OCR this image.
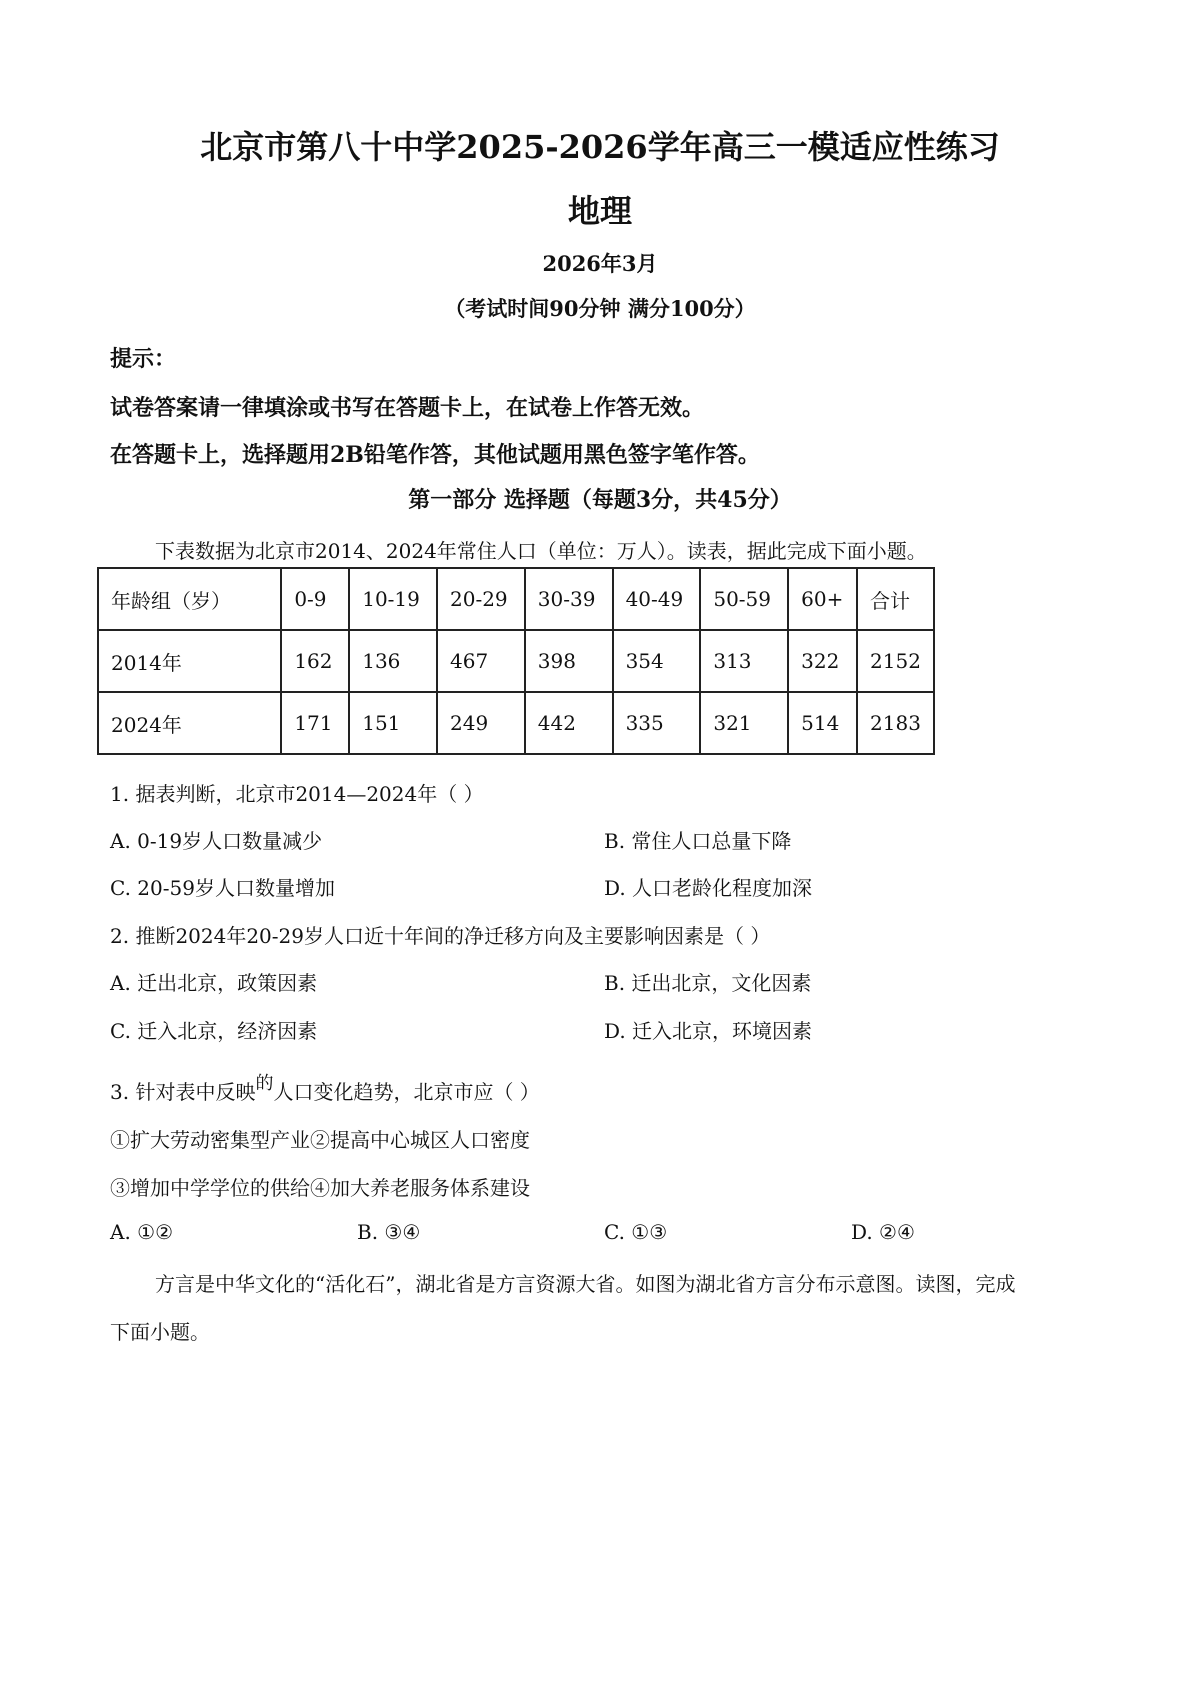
北京市第八十中学2025-2026学年高三一模适应性练习
地理
2026年3月
（考试时间90分钟 满分100分）
提示：
试卷答案请一律填涂或书写在答题卡上，在试卷上作答无效。
在答题卡上，选择题用2B铅笔作答，其他试题用黑色签字笔作答。
第一部分 选择题（每题3分，共45分）
下表数据为北京市2014、2024年常住人口（单位：万人）。读表，据此完成下面小题。
年龄组（岁）	0-9	10-19	20-29	30-39	40-49	50-59	60+	合计
2014年	162	136	467	398	354	313	322	2152
2024年	171	151	249	442	335	321	514	2183
1. 据表判断，北京市2014—2024年（ ）
A. 0-19岁人口数量减少	B. 常住人口总量下降
C. 20-59岁人口数量增加	D. 人口老龄化程度加深
2. 推断2024年20-29岁人口近十年间的净迁移方向及主要影响因素是（ ）
A. 迁出北京，政策因素	B. 迁出北京，文化因素
C. 迁入北京，经济因素	D. 迁入北京，环境因素
3. 针对表中反映的人口变化趋势，北京市应（ ）
①扩大劳动密集型产业②提高中心城区人口密度
③增加中学学位的供给④加大养老服务体系建设
A. ①②	B. ③④	C. ①③	D. ②④
方言是中华文化的“活化石”，湖北省是方言资源大省。如图为湖北省方言分布示意图。读图，完成
下面小题。
